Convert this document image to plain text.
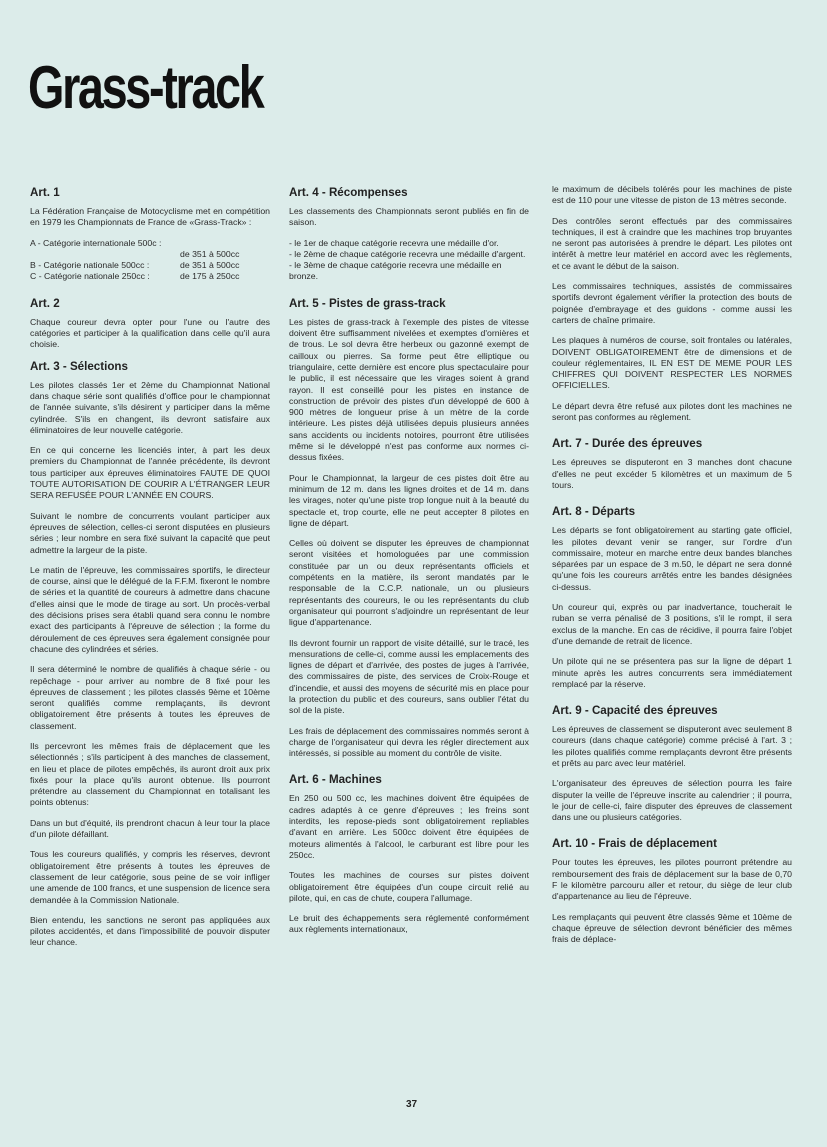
Grass-track
Art. 1

La Fédération Française de Motocyclisme met en compétition en 1979 les Championnats de France de «Grass-Track» :

A - Catégorie internationale 500c :
de 351 à 500cc
B - Catégorie nationale 500cc :	de 351 à 500cc
C - Catégorie nationale 250cc :	de 175 à 250cc
Art. 2

Chaque coureur devra opter pour l'une ou l'autre des catégories et participer à la qualification dans celle qu'il aura choisie.

Art. 3 - Sélections

Les pilotes classés 1er et 2ème du Championnat National dans chaque série sont qualifiés d'office pour le championnat de l'année suivante, s'ils désirent y participer dans la même cylindrée. S'ils en changent, ils devront satisfaire aux éliminatoires de leur nouvelle catégorie.

En ce qui concerne les licenciés inter, à part les deux premiers du Championnat de l'année précédente, ils devront tous participer aux épreuves éliminatoires FAUTE DE QUOI TOUTE AUTORISATION DE COURIR A L'ÉTRANGER LEUR SERA REFUSÉE POUR L'ANNÉE EN COURS.

Suivant le nombre de concurrents voulant participer aux épreuves de sélection, celles-ci seront disputées en plusieurs séries ; leur nombre en sera fixé suivant la capacité que peut admettre la largeur de la piste.

Le matin de l'épreuve, les commissaires sportifs, le directeur de course, ainsi que le délégué de la F.F.M. fixeront le nombre de séries et la quantité de coureurs à admettre dans chacune d'elles ainsi que le mode de tirage au sort. Un procès-verbal des décisions prises sera établi quand sera connu le nombre exact des participants à l'épreuve de sélection ; la forme du déroulement de ces épreuves sera également consignée pour chacune des cylindrées et séries.

Il sera déterminé le nombre de qualifiés à chaque série - ou repêchage - pour arriver au nombre de 8 fixé pour les épreuves de classement ; les pilotes classés 9ème et 10ème seront qualifiés comme remplaçants, ils devront obligatoirement être présents à toutes les épreuves de classement.

Ils percevront les mêmes frais de déplacement que les sélectionnés ; s'ils participent à des manches de classement, en lieu et place de pilotes empêchés, ils auront droit aux prix fixés pour la place qu'ils auront obtenue. Ils pourront prétendre au classement du Championnat en totalisant les points obtenus:

Dans un but d'équité, ils prendront chacun à leur tour la place d'un pilote défaillant.

Tous les coureurs qualifiés, y compris les réserves, devront obligatoirement être présents à toutes les épreuves de classement de leur catégorie, sous peine de se voir infliger une amende de 100 francs, et une suspension de licence sera demandée à la Commission Nationale.

Bien entendu, les sanctions ne seront pas appliquées aux pilotes accidentés, et dans l'impossibilité de pouvoir disputer leur chance.

Art. 4 - Récompenses

Les classements des Championnats seront publiés en fin de saison.

- le 1er de chaque catégorie recevra une médaille d'or.
- le 2ème de chaque catégorie recevra une médaille d'argent.
- le 3ème de chaque catégorie recevra une médaille en bronze.
Art. 5 - Pistes de grass-track

Les pistes de grass-track à l'exemple des pistes de vitesse doivent être suffisamment nivelées et exemptes d'ornières et de trous. Le sol devra être herbeux ou gazonné exempt de cailloux ou pierres. Sa forme peut être elliptique ou triangulaire, cette dernière est encore plus spectaculaire pour le public, il est nécessaire que les virages soient à grand rayon. Il est conseillé pour les pistes en instance de construction de prévoir des pistes d'un développé de 600 à 900 mètres de longueur prise à un mètre de la corde intérieure. Les pistes déjà utilisées depuis plusieurs années sans accidents ou incidents notoires, pourront être utilisées même si le développé n'est pas conforme aux normes ci-dessus fixées.

Pour le Championnat, la largeur de ces pistes doit être au minimum de 12 m. dans les lignes droites et de 14 m. dans les virages, noter qu'une piste trop longue nuit à la beauté du spectacle et, trop courte, elle ne peut accepter 8 pilotes en ligne de départ.

Celles où doivent se disputer les épreuves de championnat seront visitées et homologuées par une commission constituée par un ou deux représentants officiels et compétents en la matière, ils seront mandatés par le responsable de la C.C.P. nationale, un ou plusieurs représentants des coureurs, le ou les représentants du club organisateur qui pourront s'adjoindre un représentant de leur ligue d'appartenance.

Ils devront fournir un rapport de visite détaillé, sur le tracé, les mensurations de celle-ci, comme aussi les emplacements des lignes de départ et d'arrivée, des postes de juges à l'arrivée, des commissaires de piste, des services de Croix-Rouge et d'incendie, et aussi des moyens de sécurité mis en place pour la protection du public et des coureurs, sans oublier l'état du sol de la piste.

Les frais de déplacement des commissaires nommés seront à charge de l'organisateur qui devra les régler directement aux intéressés, si possible au moment du contrôle de visite.

Art. 6 - Machines

En 250 ou 500 cc, les machines doivent être équipées de cadres adaptés à ce genre d'épreuves ; les freins sont interdits, les repose-pieds sont obligatoirement repliables d'avant en arrière. Les 500cc doivent être équipées de moteurs alimentés à l'alcool, le carburant est libre pour les 250cc.

Toutes les machines de courses sur pistes doivent obligatoirement être équipées d'un coupe circuit relié au pilote, qui, en cas de chute, coupera l'allumage.

Le bruit des échappements sera réglementé conformément aux règlements internationaux,

le maximum de décibels tolérés pour les machines de piste est de 110 pour une vitesse de piston de 13 mètres seconde.

Des contrôles seront effectués par des commissaires techniques, il est à craindre que les machines trop bruyantes ne seront pas autorisées à prendre le départ. Les pilotes ont intérêt à mettre leur matériel en accord avec les règlements, et ce avant le début de la saison.

Les commissaires techniques, assistés de commissaires sportifs devront également vérifier la protection des bouts de poignée d'embrayage et des guidons - comme aussi les carters de chaîne primaire.

Les plaques à numéros de course, soit frontales ou latérales, DOIVENT OBLIGATOIREMENT être de dimensions et de couleur réglementaires, IL EN EST DE MEME POUR LES CHIFFRES QUI DOIVENT RESPECTER LES NORMES OFFICIELLES.

Le départ devra être refusé aux pilotes dont les machines ne seront pas conformes au règlement.

Art. 7 - Durée des épreuves

Les épreuves se disputeront en 3 manches dont chacune d'elles ne peut excéder 5 kilomètres et un maximum de 5 tours.

Art. 8 - Départs

Les départs se font obligatoirement au starting gate officiel, les pilotes devant venir se ranger, sur l'ordre d'un commissaire, moteur en marche entre deux bandes blanches séparées par un espace de 3 m.50, le départ ne sera donné qu'une fois les coureurs arrêtés entre les bandes désignées ci-dessus.

Un coureur qui, exprès ou par inadvertance, toucherait le ruban se verra pénalisé de 3 positions, s'il le rompt, il sera exclus de la manche. En cas de récidive, il pourra faire l'objet d'une demande de retrait de licence.

Un pilote qui ne se présentera pas sur la ligne de départ 1 minute après les autres concurrents sera immédiatement remplacé par la réserve.

Art. 9 - Capacité des épreuves

Les épreuves de classement se disputeront avec seulement 8 coureurs (dans chaque catégorie) comme précisé à l'art. 3 ; les pilotes qualifiés comme remplaçants devront être présents et prêts au parc avec leur matériel.

L'organisateur des épreuves de sélection pourra les faire disputer la veille de l'épreuve inscrite au calendrier ; il pourra, le jour de celle-ci, faire disputer des épreuves de classement dans une ou plusieurs catégories.

Art. 10 - Frais de déplacement

Pour toutes les épreuves, les pilotes pourront prétendre au remboursement des frais de déplacement sur la base de 0,70 F le kilomètre parcouru aller et retour, du siège de leur club d'appartenance au lieu de l'épreuve.

Les remplaçants qui peuvent être classés 9ème et 10ème de chaque épreuve de sélection devront bénéficier des mêmes frais de déplace-

37
